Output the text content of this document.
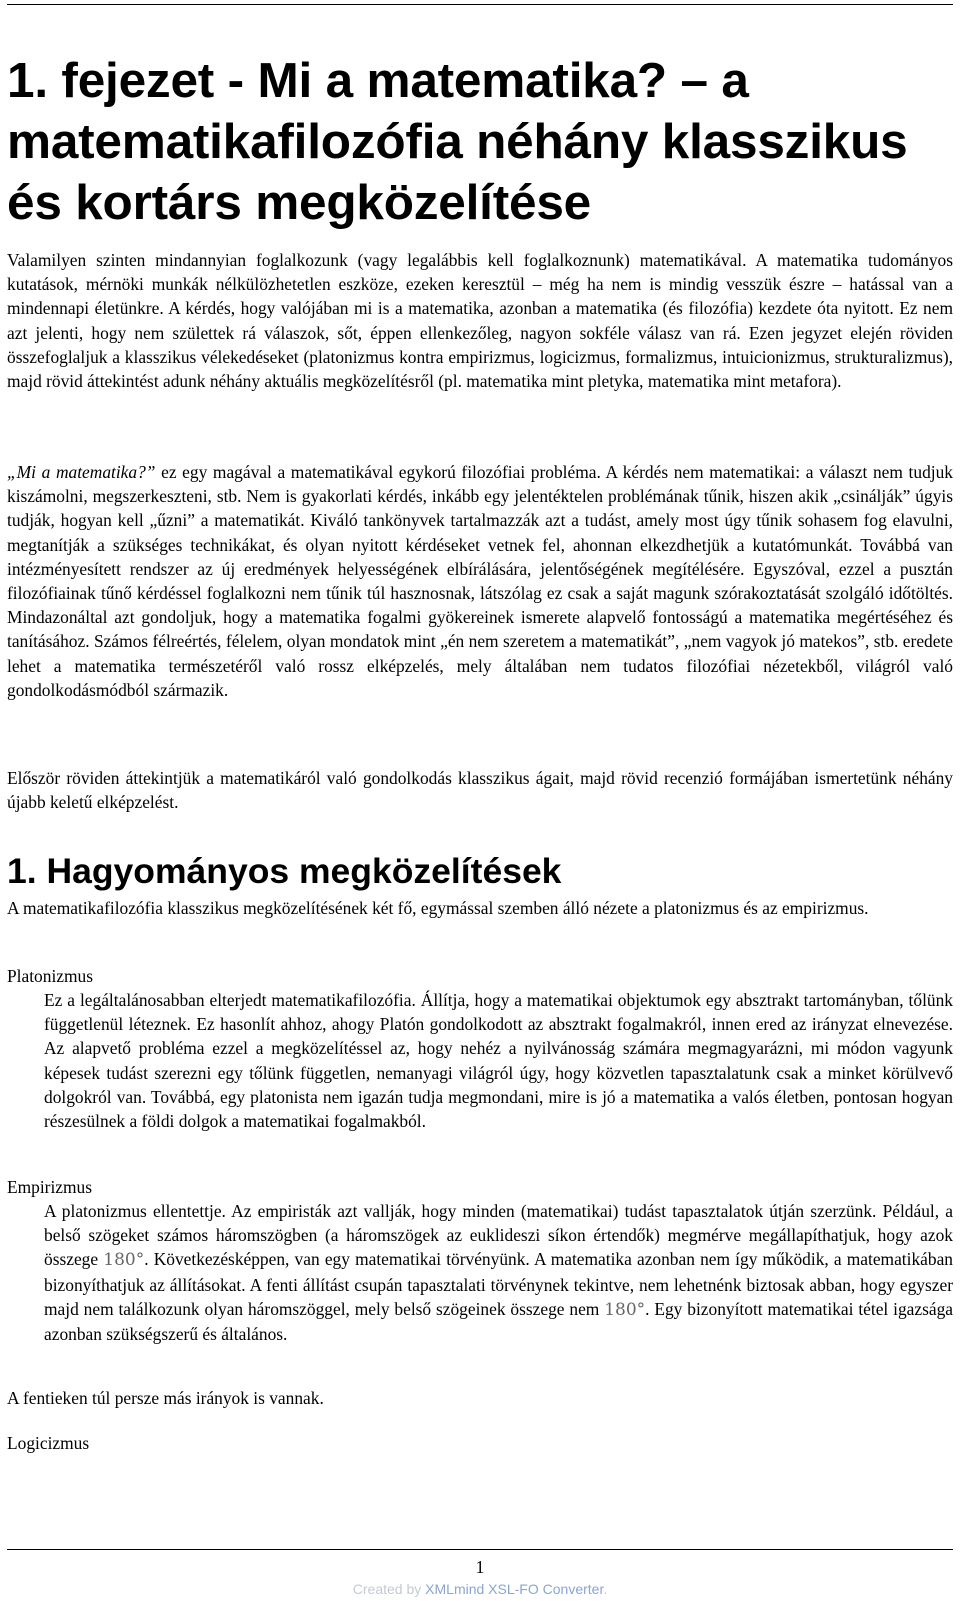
1. fejezet - Mi a matematika? – a matematikafilozófia néhány klasszikus és kortárs megközelítése

Valamilyen szinten mindannyian foglalkozunk (vagy legalábbis kell foglalkoznunk) matematikával. A matematika tudományos kutatások, mérnöki munkák nélkülözhetetlen eszköze, ezeken keresztül – még ha nem is mindig vesszük észre – hatással van a mindennapi életünkre. A kérdés, hogy valójában mi is a matematika, azonban a matematika (és filozófia) kezdete óta nyitott. Ez nem azt jelenti, hogy nem születtek rá válaszok, sőt, éppen ellenkezőleg, nagyon sokféle válasz van rá. Ezen jegyzet elején röviden összefoglaljuk a klasszikus vélekedéseket (platonizmus kontra empirizmus, logicizmus, formalizmus, intuicionizmus, strukturalizmus), majd rövid áttekintést adunk néhány aktuális megközelítésről (pl. matematika mint pletyka, matematika mint metafora).

„Mi a matematika?” ez egy magával a matematikával egykorú filozófiai probléma. A kérdés nem matematikai: a választ nem tudjuk kiszámolni, megszerkeszteni, stb. Nem is gyakorlati kérdés, inkább egy jelentéktelen problémának tűnik, hiszen akik „csinálják” úgyis tudják, hogyan kell „űzni” a matematikát. Kiváló tankönyvek tartalmazzák azt a tudást, amely most úgy tűnik sohasem fog elavulni, megtanítják a szükséges technikákat, és olyan nyitott kérdéseket vetnek fel, ahonnan elkezdhetjük a kutatómunkát. Továbbá van intézményesített rendszer az új eredmények helyességének elbírálására, jelentőségének megítélésére. Egyszóval, ezzel a pusztán filozófiainak tűnő kérdéssel foglalkozni nem tűnik túl hasznosnak, látszólag ez csak a saját magunk szórakoztatását szolgáló időtöltés. Mindazonáltal azt gondoljuk, hogy a matematika fogalmi gyökereinek ismerete alapvelő fontosságú a matematika megértéséhez és tanításához. Számos félreértés, félelem, olyan mondatok mint „én nem szeretem a matematikát”, „nem vagyok jó matekos”, stb. eredete lehet a matematika természetéről való rossz elképzelés, mely általában nem tudatos filozófiai nézetekből, világról való gondolkodásmódból származik.

Először röviden áttekintjük a matematikáról való gondolkodás klasszikus ágait, majd rövid recenzió formájában ismertetünk néhány újabb keletű elképzelést.

1. Hagyományos megközelítések

A matematikafilozófia klasszikus megközelítésének két fő, egymással szemben álló nézete a platonizmus és az empirizmus.

Platonizmus

Ez a legáltalánosabban elterjedt matematikafilozófia. Állítja, hogy a matematikai objektumok egy absztrakt tartományban, tőlünk függetlenül léteznek. Ez hasonlít ahhoz, ahogy Platón gondolkodott az absztrakt fogalmakról, innen ered az irányzat elnevezése. Az alapvető probléma ezzel a megközelítéssel az, hogy nehéz a nyilvánosság számára megmagyarázni, mi módon vagyunk képesek tudást szerezni egy tőlünk független, nemanyagi világról úgy, hogy közvetlen tapasztalatunk csak a minket körülvevő dolgokról van. Továbbá, egy platonista nem igazán tudja megmondani, mire is jó a matematika a valós életben, pontosan hogyan részesülnek a földi dolgok a matematikai fogalmakból.

Empirizmus

A platonizmus ellentettje. Az empiristák azt vallják, hogy minden (matematikai) tudást tapasztalatok útján szerzünk. Például, a belső szögeket számos háromszögben (a háromszögek az euklideszi síkon értendők) megmérve megállapíthatjuk, hogy azok összege 180°. Következésképpen, van egy matematikai törvényünk. A matematika azonban nem így működik, a matematikában bizonyíthatjuk az állításokat. A fenti állítást csupán tapasztalati törvénynek tekintve, nem lehetnénk biztosak abban, hogy egyszer majd nem találkozunk olyan háromszöggel, mely belső szögeinek összege nem 180°. Egy bizonyított matematikai tétel igazsága azonban szükségszerű és általános.

A fentieken túl persze más irányok is vannak.

Logicizmus

1
Created by XMLmind XSL-FO Converter.
